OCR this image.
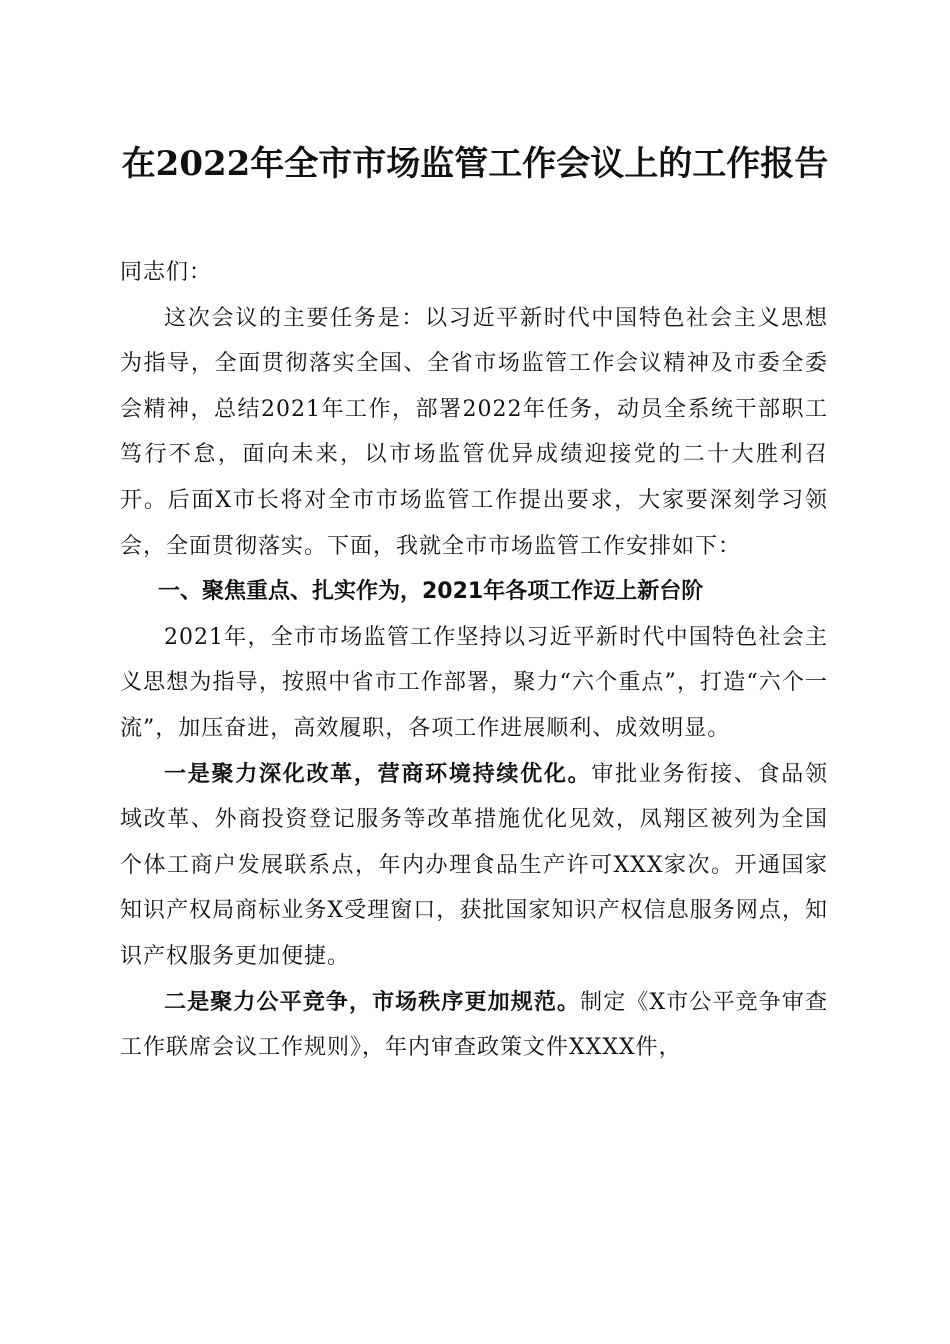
在2022年全市市场监管工作会议上的工作报告

同志们：

这次会议的主要任务是：以习近平新时代中国特色社会主义思想为指导，全面贯彻落实全国、全省市场监管工作会议精神及市委全委会精神，总结2021年工作，部署2022年任务，动员全系统干部职工笃行不怠，面向未来，以市场监管优异成绩迎接党的二十大胜利召开。后面X市长将对全市市场监管工作提出要求，大家要深刻学习领会，全面贯彻落实。下面，我就全市市场监管工作安排如下：

一、聚焦重点、扎实作为，2021年各项工作迈上新台阶

2021年，全市市场监管工作坚持以习近平新时代中国特色社会主义思想为指导，按照中省市工作部署，聚力“六个重点”，打造“六个一流”，加压奋进，高效履职，各项工作进展顺利、成效明显。

一是聚力深化改革，营商环境持续优化。审批业务衔接、食品领域改革、外商投资登记服务等改革措施优化见效，凤翔区被列为全国个体工商户发展联系点，年内办理食品生产许可XXX家次。开通国家知识产权局商标业务X受理窗口，获批国家知识产权信息服务网点，知识产权服务更加便捷。

二是聚力公平竞争，市场秩序更加规范。制定《X市公平竞争审查工作联席会议工作规则》，年内审查政策文件XXXX件，
